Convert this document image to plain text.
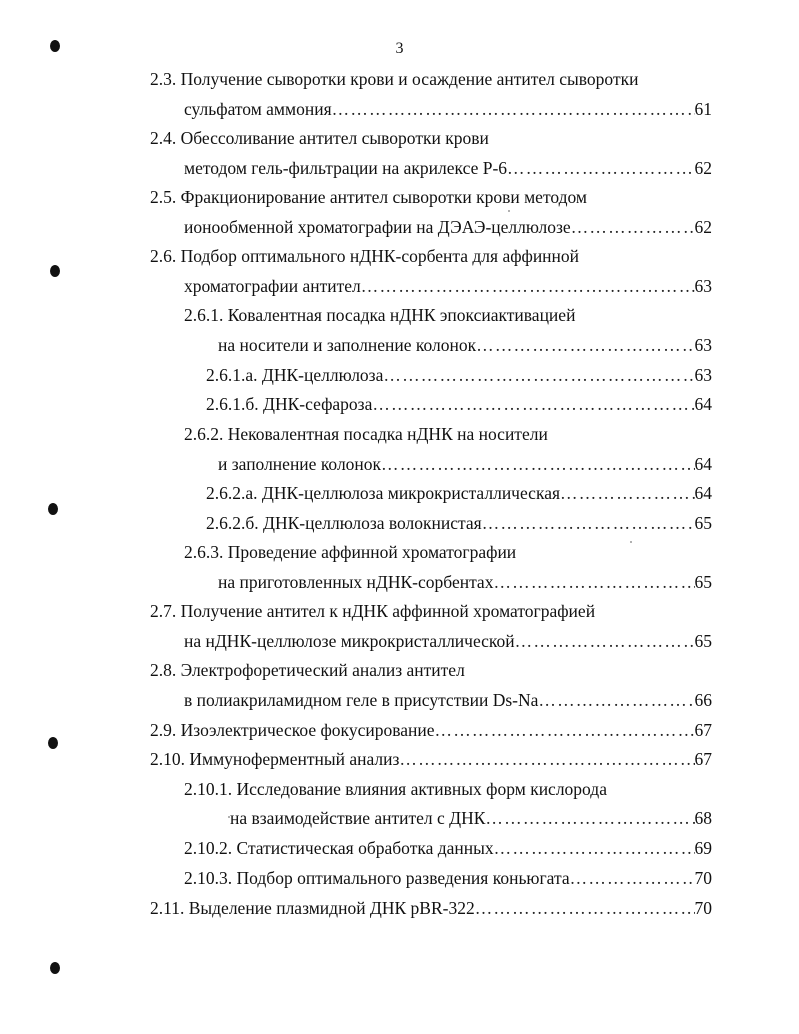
3
2.3. Получение сыворотки крови и осаждение антител сыворотки
сульфатом аммония ………………………………………………………………………………………………………………………………………………………………………………	61
2.4. Обессоливание антител сыворотки крови
методом гель-фильтрации на акрилексе Р-6 ………………………………………………………………………………………………………………………………………………………………………………	62
2.5. Фракционирование антител сыворотки крови методом
ионообменной хроматографии на ДЭАЭ-целлюлозе ………………………………………………………………………………………………………………………………………………………………………………	62
2.6. Подбор оптимального нДНК-сорбента для аффинной
хроматографии антител ………………………………………………………………………………………………………………………………………………………………………………	63
2.6.1. Ковалентная посадка нДНК эпоксиактивацией
на носители и заполнение колонок ………………………………………………………………………………………………………………………………………………………………………………	63
2.6.1.а. ДНК-целлюлоза ………………………………………………………………………………………………………………………………………………………………………………	63
2.6.1.б. ДНК-сефароза ………………………………………………………………………………………………………………………………………………………………………………	64
2.6.2. Нековалентная посадка нДНК на носители
и заполнение колонок ………………………………………………………………………………………………………………………………………………………………………………	64
2.6.2.а. ДНК-целлюлоза микрокристаллическая ………………………………………………………………………………………………………………………………………………………………………………	64
2.6.2.б. ДНК-целлюлоза волокнистая ………………………………………………………………………………………………………………………………………………………………………………	65
2.6.3. Проведение аффинной хроматографии
на приготовленных нДНК-сорбентах ………………………………………………………………………………………………………………………………………………………………………………	65
2.7. Получение антител к нДНК аффинной хроматографией
на нДНК-целлюлозе микрокристаллической ………………………………………………………………………………………………………………………………………………………………………………	65
2.8. Электрофоретический анализ антител
в полиакриламидном геле в присутствии Ds-Na ………………………………………………………………………………………………………………………………………………………………………………	66
2.9. Изоэлектрическое фокусирование ………………………………………………………………………………………………………………………………………………………………………………	67
2.10. Иммуноферментный анализ ………………………………………………………………………………………………………………………………………………………………………………	67
2.10.1. Исследование влияния активных форм кислорода
на взаимодействие антител с ДНК ………………………………………………………………………………………………………………………………………………………………………………	68
2.10.2. Статистическая обработка данных ………………………………………………………………………………………………………………………………………………………………………………	69
2.10.3. Подбор оптимального разведения коньюгата ………………………………………………………………………………………………………………………………………………………………………………	70
2.11. Выделение плазмидной ДНК pBR-322 ………………………………………………………………………………………………………………………………………………………………………………	70
